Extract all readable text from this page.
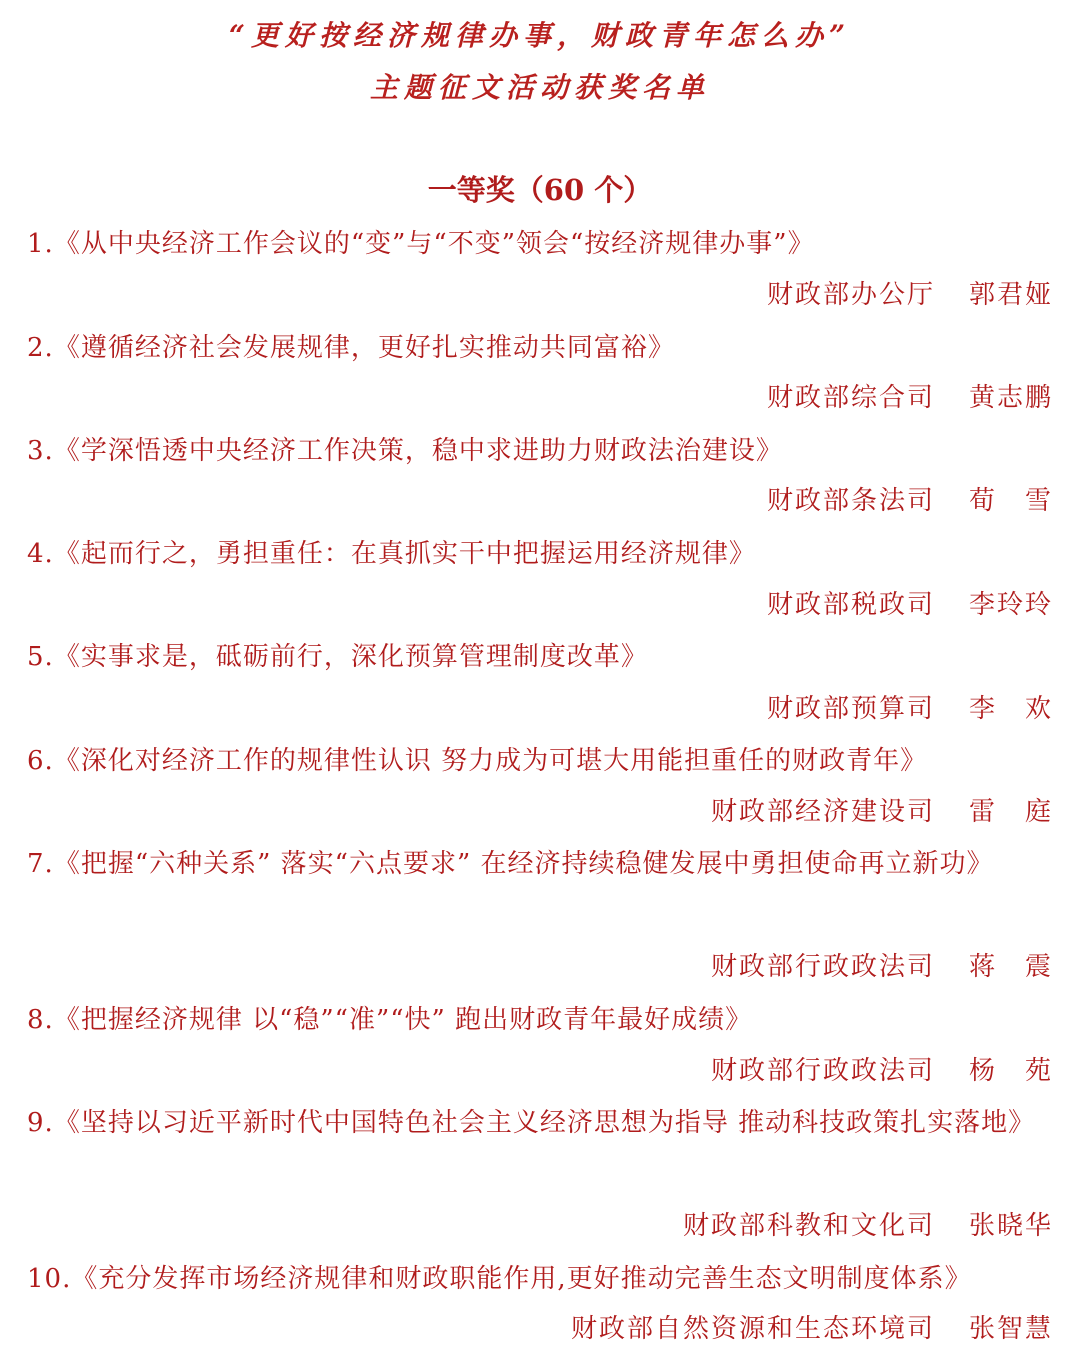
“更好按经济规律办事，财政青年怎么办”
主题征文活动获奖名单
一等奖（60 个）
1.《从中央经济工作会议的“变”与“不变”领会“按经济规律办事”》
财政部办公厅 郭君娅
2.《遵循经济社会发展规律，更好扎实推动共同富裕》
财政部综合司 黄志鹏
3.《学深悟透中央经济工作决策，稳中求进助力财政法治建设》
财政部条法司 荀　雪
4.《起而行之，勇担重任：在真抓实干中把握运用经济规律》
财政部税政司 李玲玲
5.《实事求是，砥砺前行，深化预算管理制度改革》
财政部预算司 李　欢
6.《深化对经济工作的规律性认识 努力成为可堪大用能担重任的财政青年》
财政部经济建设司 雷　庭
7.《把握“六种关系” 落实“六点要求” 在经济持续稳健发展中勇担使命再立新功》
财政部行政政法司 蒋　震
8.《把握经济规律 以“稳”“准”“快” 跑出财政青年最好成绩》
财政部行政政法司 杨　苑
9.《坚持以习近平新时代中国特色社会主义经济思想为指导 推动科技政策扎实落地》
财政部科教和文化司 张晓华
10.《充分发挥市场经济规律和财政职能作用,更好推动完善生态文明制度体系》
财政部自然资源和生态环境司 张智慧
